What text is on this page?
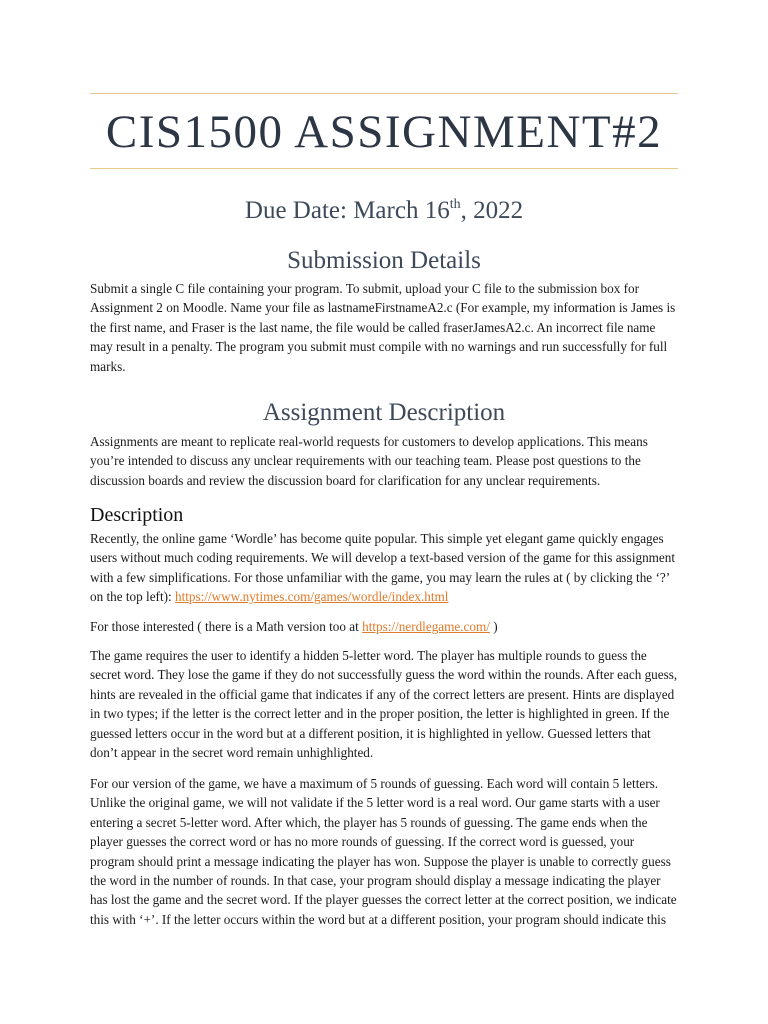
CIS1500 ASSIGNMENT#2
Due Date: March 16th, 2022
Submission Details

Submit a single C file containing your program. To submit, upload your C file to the submission box for Assignment 2 on Moodle. Name your file as lastnameFirstnameA2.c (For example, my information is James is the first name, and Fraser is the last name, the file would be called fraserJamesA2.c. An incorrect file name may result in a penalty. The program you submit must compile with no warnings and run successfully for full marks.

Assignment Description

Assignments are meant to replicate real-world requests for customers to develop applications. This means you’re intended to discuss any unclear requirements with our teaching team. Please post questions to the discussion boards and review the discussion board for clarification for any unclear requirements.

Description

Recently, the online game ‘Wordle’ has become quite popular. This simple yet elegant game quickly engages users without much coding requirements. We will develop a text-based version of the game for this assignment with a few simplifications. For those unfamiliar with the game, you may learn the rules at ( by clicking the ‘?’ on the top left): https://www.nytimes.com/games/wordle/index.html

For those interested ( there is a Math version too at https://nerdlegame.com/ )

The game requires the user to identify a hidden 5-letter word. The player has multiple rounds to guess the secret word. They lose the game if they do not successfully guess the word within the rounds. After each guess, hints are revealed in the official game that indicates if any of the correct letters are present. Hints are displayed in two types; if the letter is the correct letter and in the proper position, the letter is highlighted in green. If the guessed letters occur in the word but at a different position, it is highlighted in yellow. Guessed letters that don’t appear in the secret word remain unhighlighted.

For our version of the game, we have a maximum of 5 rounds of guessing. Each word will contain 5 letters. Unlike the original game, we will not validate if the 5 letter word is a real word. Our game starts with a user entering a secret 5-letter word. After which, the player has 5 rounds of guessing. The game ends when the player guesses the correct word or has no more rounds of guessing. If the correct word is guessed, your program should print a message indicating the player has won. Suppose the player is unable to correctly guess the word in the number of rounds. In that case, your program should display a message indicating the player has lost the game and the secret word. If the player guesses the correct letter at the correct position, we indicate this with ‘+’. If the letter occurs within the word but at a different position, your program should indicate this
